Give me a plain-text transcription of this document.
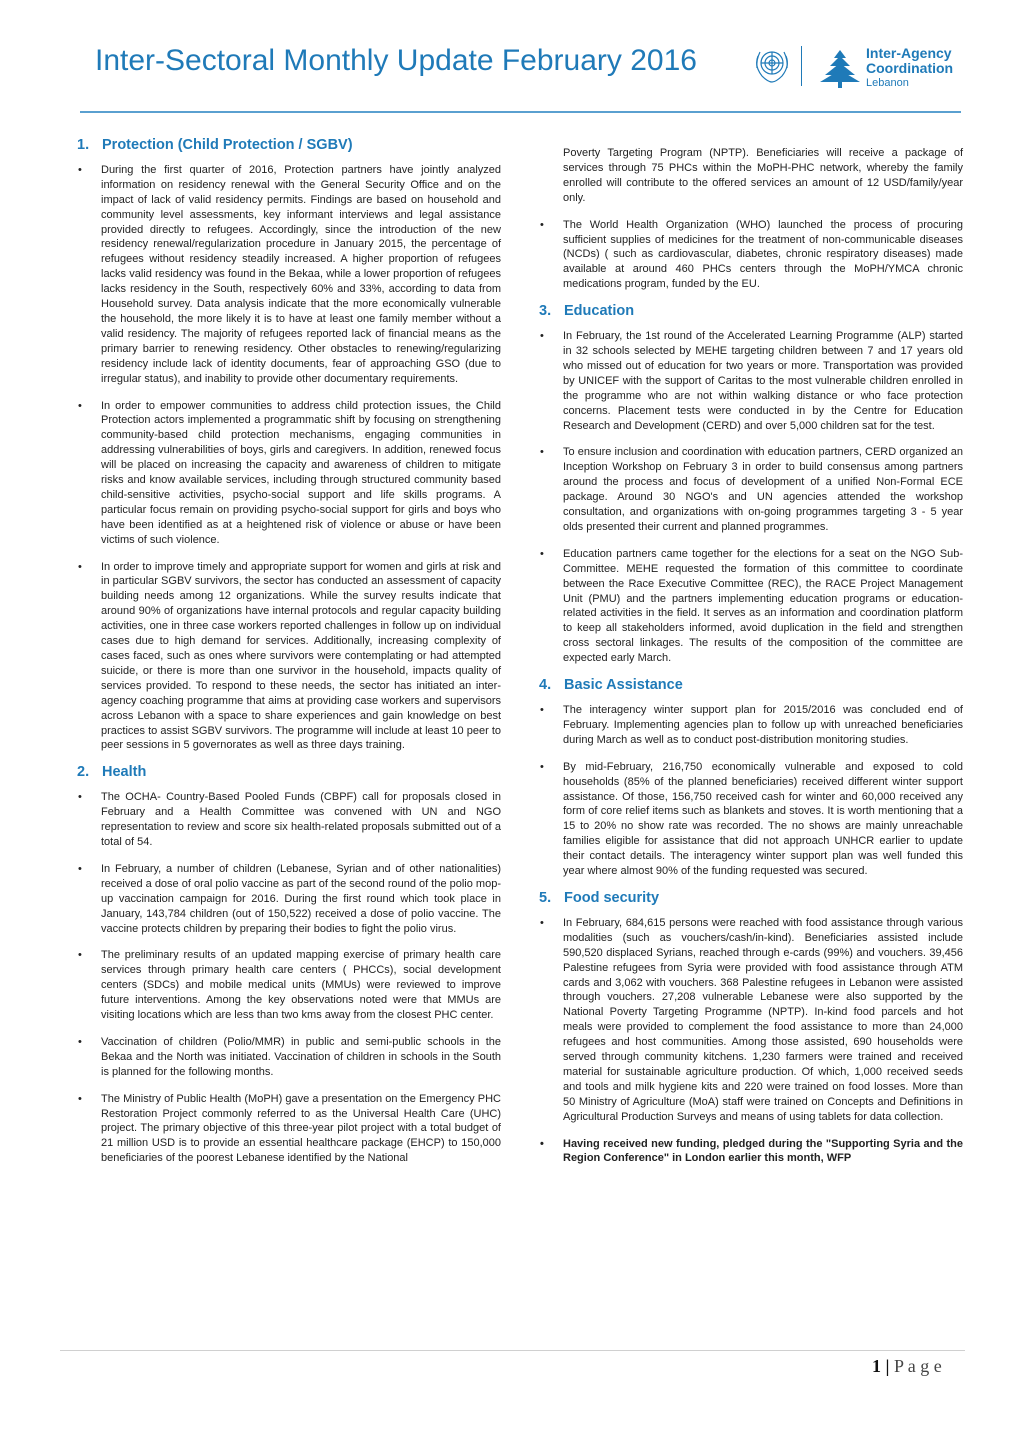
Inter-Sectoral Monthly Update February 2016	Inter-Agency
Coordination
Lebanon
1. Protection (Child Protection / SGBV)
• During the first quarter of 2016, Protection partners have jointly analyzed information on residency renewal with the General Security Office and on the impact of lack of valid residency permits. Findings are based on household and community level assessments, key informant interviews and legal assistance provided directly to refugees. Accordingly, since the introduction of the new residency renewal/regularization procedure in January 2015, the percentage of refugees without residency steadily increased. A higher proportion of refugees lacks valid residency was found in the Bekaa, while a lower proportion of refugees lacks residency in the South, respectively 60% and 33%, according to data from Household survey. Data analysis indicate that the more economically vulnerable the household, the more likely it is to have at least one family member without a valid residency. The majority of refugees reported lack of financial means as the primary barrier to renewing residency. Other obstacles to renewing/regularizing residency include lack of identity documents, fear of approaching GSO (due to irregular status), and inability to provide other documentary requirements.
• In order to empower communities to address child protection issues, the Child Protection actors implemented a programmatic shift by focusing on strengthening community-based child protection mechanisms, engaging communities in addressing vulnerabilities of boys, girls and caregivers. In addition, renewed focus will be placed on increasing the capacity and awareness of children to mitigate risks and know available services, including through structured community based child-sensitive activities, psycho-social support and life skills programs. A particular focus remain on providing psycho-social support for girls and boys who have been identified as at a heightened risk of violence or abuse or have been victims of such violence.
• In order to improve timely and appropriate support for women and girls at risk and in particular SGBV survivors, the sector has conducted an assessment of capacity building needs among 12 organizations. While the survey results indicate that around 90% of organizations have internal protocols and regular capacity building activities, one in three case workers reported challenges in follow up on individual cases due to high demand for services. Additionally, increasing complexity of cases faced, such as ones where survivors were contemplating or had attempted suicide, or there is more than one survivor in the household, impacts quality of services provided. To respond to these needs, the sector has initiated an inter-agency coaching programme that aims at providing case workers and supervisors across Lebanon with a space to share experiences and gain knowledge on best practices to assist SGBV survivors. The programme will include at least 10 peer to peer sessions in 5 governorates as well as three days training.
2. Health
• The OCHA- Country-Based Pooled Funds (CBPF) call for proposals closed in February and a Health Committee was convened with UN and NGO representation to review and score six health-related proposals submitted out of a total of 54.
• In February, a number of children (Lebanese, Syrian and of other nationalities) received a dose of oral polio vaccine as part of the second round of the polio mop-up vaccination campaign for 2016. During the first round which took place in January, 143,784 children (out of 150,522) received a dose of polio vaccine. The vaccine protects children by preparing their bodies to fight the polio virus.
• The preliminary results of an updated mapping exercise of primary health care services through primary health care centers ( PHCCs), social development centers (SDCs) and mobile medical units (MMUs) were reviewed to improve future interventions. Among the key observations noted were that MMUs are visiting locations which are less than two kms away from the closest PHC center.
• Vaccination of children (Polio/MMR) in public and semi-public schools in the Bekaa and the North was initiated. Vaccination of children in schools in the South is planned for the following months.
• The Ministry of Public Health (MoPH) gave a presentation on the Emergency PHC Restoration Project commonly referred to as the Universal Health Care (UHC) project. The primary objective of this three-year pilot project with a total budget of 21 million USD is to provide an essential healthcare package (EHCP) to 150,000 beneficiaries of the poorest Lebanese identified by the National
Poverty Targeting Program (NPTP). Beneficiaries will receive a package of services through 75 PHCs within the MoPH-PHC network, whereby the family enrolled will contribute to the offered services an amount of 12 USD/family/year only.
• The World Health Organization (WHO) launched the process of procuring sufficient supplies of medicines for the treatment of non-communicable diseases (NCDs) ( such as cardiovascular, diabetes, chronic respiratory diseases) made available at around 460 PHCs centers through the MoPH/YMCA chronic medications program, funded by the EU.
3. Education
• In February, the 1st round of the Accelerated Learning Programme (ALP) started in 32 schools selected by MEHE targeting children between 7 and 17 years old who missed out of education for two years or more. Transportation was provided by UNICEF with the support of Caritas to the most vulnerable children enrolled in the programme who are not within walking distance or who face protection concerns. Placement tests were conducted in by the Centre for Education Research and Development (CERD) and over 5,000 children sat for the test.
• To ensure inclusion and coordination with education partners, CERD organized an Inception Workshop on February 3 in order to build consensus among partners around the process and focus of development of a unified Non-Formal ECE package. Around 30 NGO's and UN agencies attended the workshop consultation, and organizations with on-going programmes targeting 3 - 5 year olds presented their current and planned programmes.
• Education partners came together for the elections for a seat on the NGO Sub-Committee. MEHE requested the formation of this committee to coordinate between the Race Executive Committee (REC), the RACE Project Management Unit (PMU) and the partners implementing education programs or education-related activities in the field. It serves as an information and coordination platform to keep all stakeholders informed, avoid duplication in the field and strengthen cross sectoral linkages. The results of the composition of the committee are expected early March.
4. Basic Assistance
• The interagency winter support plan for 2015/2016 was concluded end of February. Implementing agencies plan to follow up with unreached beneficiaries during March as well as to conduct post-distribution monitoring studies.
• By mid-February, 216,750 economically vulnerable and exposed to cold households (85% of the planned beneficiaries) received different winter support assistance. Of those, 156,750 received cash for winter and 60,000 received any form of core relief items such as blankets and stoves. It is worth mentioning that a 15 to 20% no show rate was recorded. The no shows are mainly unreachable families eligible for assistance that did not approach UNHCR earlier to update their contact details. The interagency winter support plan was well funded this year where almost 90% of the funding requested was secured.
5. Food security
• In February, 684,615 persons were reached with food assistance through various modalities (such as vouchers/cash/in-kind). Beneficiaries assisted include 590,520 displaced Syrians, reached through e-cards (99%) and vouchers. 39,456 Palestine refugees from Syria were provided with food assistance through ATM cards and 3,062 with vouchers. 368 Palestine refugees in Lebanon were assisted through vouchers. 27,208 vulnerable Lebanese were also supported by the National Poverty Targeting Programme (NPTP). In-kind food parcels and hot meals were provided to complement the food assistance to more than 24,000 refugees and host communities. Among those assisted, 690 households were served through community kitchens. 1,230 farmers were trained and received material for sustainable agriculture production. Of which, 1,000 received seeds and tools and milk hygiene kits and 220 were trained on food losses. More than 50 Ministry of Agriculture (MoA) staff were trained on Concepts and Definitions in Agricultural Production Surveys and means of using tablets for data collection.
• Having received new funding, pledged during the "Supporting Syria and the Region Conference" in London earlier this month, WFP
1 | P a g e
